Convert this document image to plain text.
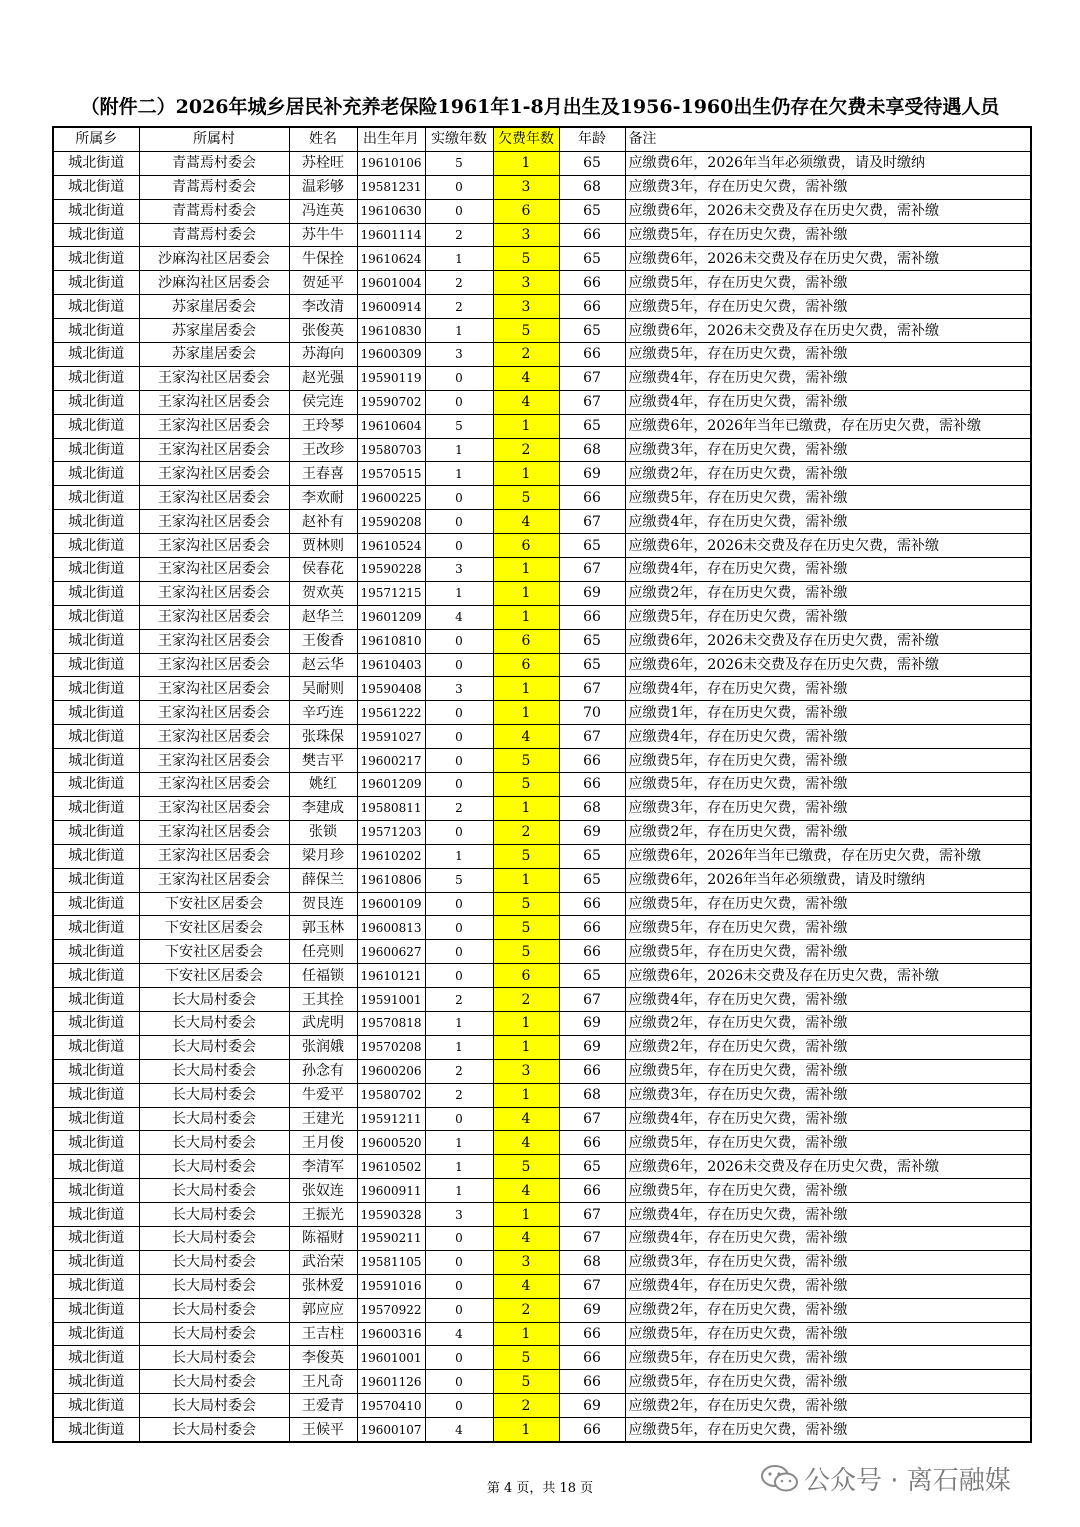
（附件二）2026年城乡居民补充养老保险1961年1-8月出生及1956-1960出生仍存在欠费未享受待遇人员
所属乡	所属村	姓名	出生年月	实缴年数	欠费年数	年龄	备注
城北街道	青蒿焉村委会	苏栓旺	19610106	5	1	65	应缴费6年，2026年当年必须缴费，请及时缴纳
城北街道	青蒿焉村委会	温彩够	19581231	0	3	68	应缴费3年，存在历史欠费，需补缴
城北街道	青蒿焉村委会	冯连英	19610630	0	6	65	应缴费6年，2026未交费及存在历史欠费，需补缴
城北街道	青蒿焉村委会	苏牛牛	19601114	2	3	66	应缴费5年，存在历史欠费，需补缴
城北街道	沙麻沟社区居委会	牛保拴	19610624	1	5	65	应缴费6年，2026未交费及存在历史欠费，需补缴
城北街道	沙麻沟社区居委会	贺延平	19601004	2	3	66	应缴费5年，存在历史欠费，需补缴
城北街道	苏家崖居委会	李改清	19600914	2	3	66	应缴费5年，存在历史欠费，需补缴
城北街道	苏家崖居委会	张俊英	19610830	1	5	65	应缴费6年，2026未交费及存在历史欠费，需补缴
城北街道	苏家崖居委会	苏海向	19600309	3	2	66	应缴费5年，存在历史欠费，需补缴
城北街道	王家沟社区居委会	赵光强	19590119	0	4	67	应缴费4年，存在历史欠费，需补缴
城北街道	王家沟社区居委会	侯完连	19590702	0	4	67	应缴费4年，存在历史欠费，需补缴
城北街道	王家沟社区居委会	王玲琴	19610604	5	1	65	应缴费6年，2026年当年已缴费，存在历史欠费，需补缴
城北街道	王家沟社区居委会	王改珍	19580703	1	2	68	应缴费3年，存在历史欠费，需补缴
城北街道	王家沟社区居委会	王春喜	19570515	1	1	69	应缴费2年，存在历史欠费，需补缴
城北街道	王家沟社区居委会	李欢耐	19600225	0	5	66	应缴费5年，存在历史欠费，需补缴
城北街道	王家沟社区居委会	赵补有	19590208	0	4	67	应缴费4年，存在历史欠费，需补缴
城北街道	王家沟社区居委会	贾林则	19610524	0	6	65	应缴费6年，2026未交费及存在历史欠费，需补缴
城北街道	王家沟社区居委会	侯春花	19590228	3	1	67	应缴费4年，存在历史欠费，需补缴
城北街道	王家沟社区居委会	贺欢英	19571215	1	1	69	应缴费2年，存在历史欠费，需补缴
城北街道	王家沟社区居委会	赵华兰	19601209	4	1	66	应缴费5年，存在历史欠费，需补缴
城北街道	王家沟社区居委会	王俊香	19610810	0	6	65	应缴费6年，2026未交费及存在历史欠费，需补缴
城北街道	王家沟社区居委会	赵云华	19610403	0	6	65	应缴费6年，2026未交费及存在历史欠费，需补缴
城北街道	王家沟社区居委会	吴耐则	19590408	3	1	67	应缴费4年，存在历史欠费，需补缴
城北街道	王家沟社区居委会	辛巧连	19561222	0	1	70	应缴费1年，存在历史欠费，需补缴
城北街道	王家沟社区居委会	张珠保	19591027	0	4	67	应缴费4年，存在历史欠费，需补缴
城北街道	王家沟社区居委会	樊吉平	19600217	0	5	66	应缴费5年，存在历史欠费，需补缴
城北街道	王家沟社区居委会	姚红	19601209	0	5	66	应缴费5年，存在历史欠费，需补缴
城北街道	王家沟社区居委会	李建成	19580811	2	1	68	应缴费3年，存在历史欠费，需补缴
城北街道	王家沟社区居委会	张锁	19571203	0	2	69	应缴费2年，存在历史欠费，需补缴
城北街道	王家沟社区居委会	梁月珍	19610202	1	5	65	应缴费6年，2026年当年已缴费，存在历史欠费，需补缴
城北街道	王家沟社区居委会	薛保兰	19610806	5	1	65	应缴费6年，2026年当年必须缴费，请及时缴纳
城北街道	下安社区居委会	贺艮连	19600109	0	5	66	应缴费5年，存在历史欠费，需补缴
城北街道	下安社区居委会	郭玉林	19600813	0	5	66	应缴费5年，存在历史欠费，需补缴
城北街道	下安社区居委会	任亮则	19600627	0	5	66	应缴费5年，存在历史欠费，需补缴
城北街道	下安社区居委会	任福锁	19610121	0	6	65	应缴费6年，2026未交费及存在历史欠费，需补缴
城北街道	长大局村委会	王其拴	19591001	2	2	67	应缴费4年，存在历史欠费，需补缴
城北街道	长大局村委会	武虎明	19570818	1	1	69	应缴费2年，存在历史欠费，需补缴
城北街道	长大局村委会	张润娥	19570208	1	1	69	应缴费2年，存在历史欠费，需补缴
城北街道	长大局村委会	孙念有	19600206	2	3	66	应缴费5年，存在历史欠费，需补缴
城北街道	长大局村委会	牛爱平	19580702	2	1	68	应缴费3年，存在历史欠费，需补缴
城北街道	长大局村委会	王建光	19591211	0	4	67	应缴费4年，存在历史欠费，需补缴
城北街道	长大局村委会	王月俊	19600520	1	4	66	应缴费5年，存在历史欠费，需补缴
城北街道	长大局村委会	李清军	19610502	1	5	65	应缴费6年，2026未交费及存在历史欠费，需补缴
城北街道	长大局村委会	张奴连	19600911	1	4	66	应缴费5年，存在历史欠费，需补缴
城北街道	长大局村委会	王振光	19590328	3	1	67	应缴费4年，存在历史欠费，需补缴
城北街道	长大局村委会	陈福财	19590211	0	4	67	应缴费4年，存在历史欠费，需补缴
城北街道	长大局村委会	武治荣	19581105	0	3	68	应缴费3年，存在历史欠费，需补缴
城北街道	长大局村委会	张林爱	19591016	0	4	67	应缴费4年，存在历史欠费，需补缴
城北街道	长大局村委会	郭应应	19570922	0	2	69	应缴费2年，存在历史欠费，需补缴
城北街道	长大局村委会	王吉柱	19600316	4	1	66	应缴费5年，存在历史欠费，需补缴
城北街道	长大局村委会	李俊英	19601001	0	5	66	应缴费5年，存在历史欠费，需补缴
城北街道	长大局村委会	王凡奇	19601126	0	5	66	应缴费5年，存在历史欠费，需补缴
城北街道	长大局村委会	王爱青	19570410	0	2	69	应缴费2年，存在历史欠费，需补缴
城北街道	长大局村委会	王候平	19600107	4	1	66	应缴费5年，存在历史欠费，需补缴
第 4 页，共 18 页	公众号 · 离石融媒
